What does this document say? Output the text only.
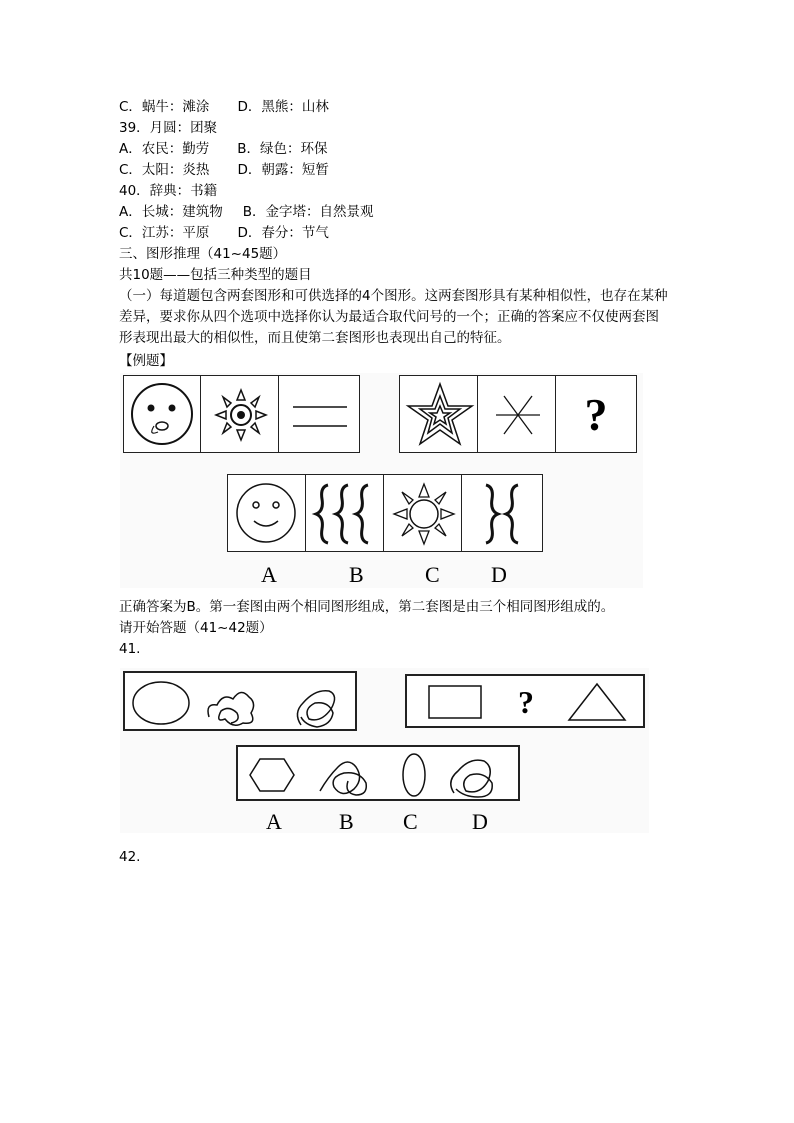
C．蜗牛：滩涂 D．黑熊：山林
39．月圆：团聚
A．农民：勤劳 B．绿色：环保
C．太阳：炎热 D．朝露：短暂
40．辞典：书籍
A．长城：建筑物 B．金字塔：自然景观
C．江苏：平原 D．春分：节气
三、图形推理（41~45题）
共10题——包括三种类型的题目
（一）每道题包含两套图形和可供选择的4个图形。这两套图形具有某种相似性，也存在某种差异，要求你从四个选项中选择你认为最适合取代问号的一个；正确的答案应不仅使两套图形表现出最大的相似性，而且使第二套图形也表现出自己的特征。
【例题】
?
A	B	C D
正确答案为B。第一套图由两个相同图形组成，第二套图是由三个相同图形组成的。
请开始答题（41~42题）
41.
?
A	B C D
42.
